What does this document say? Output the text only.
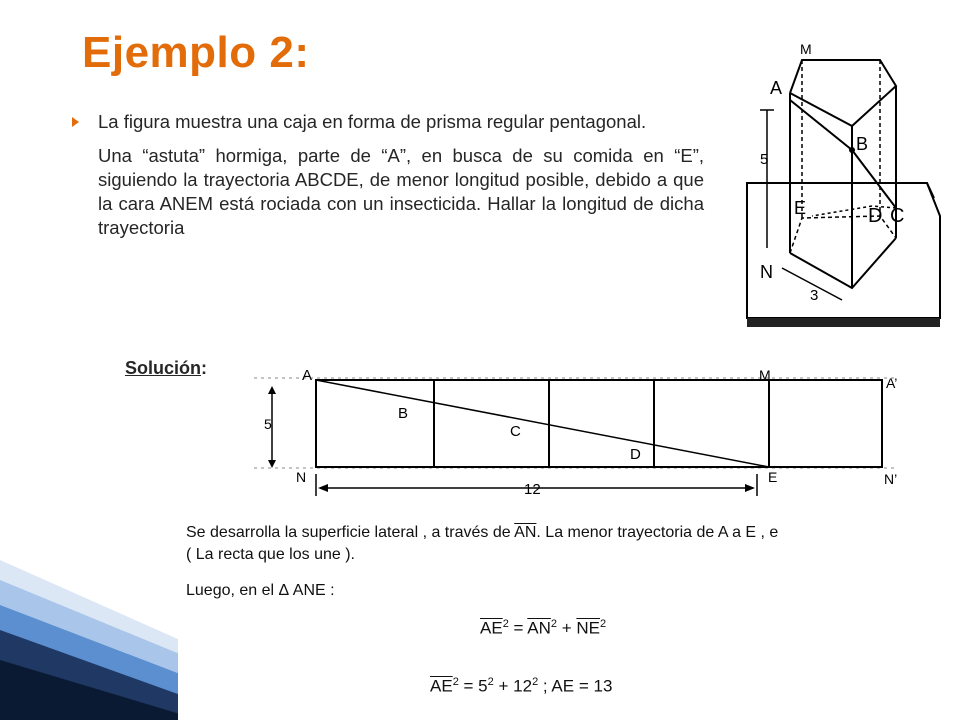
Ejemplo 2:

La figura muestra una caja en forma de prisma regular pentagonal.

Una “astuta” hormiga, parte de “A”, en busca de su comida en “E”, siguiendo la trayectoria ABCDE, de menor longitud posible, debido a que la cara ANEM está rociada con un insecticida. Hallar la longitud de dicha trayectoria

M
A
B
5
E	D C
N
3
Solución:	A	M	A’
B
C
D
5
N	E	N’
12
Se desarrolla la superficie lateral , a través de $\overline{AN}$. La menor trayectoria de A a E , e
( La recta que los une ).
Luego, en el Δ ANE :
$\overline{AE}^2 = \overline{AN}^2 + \overline{NE}^2$
$\overline{AE}^2 = 5^2 + 12^2$ ; AE = 13
